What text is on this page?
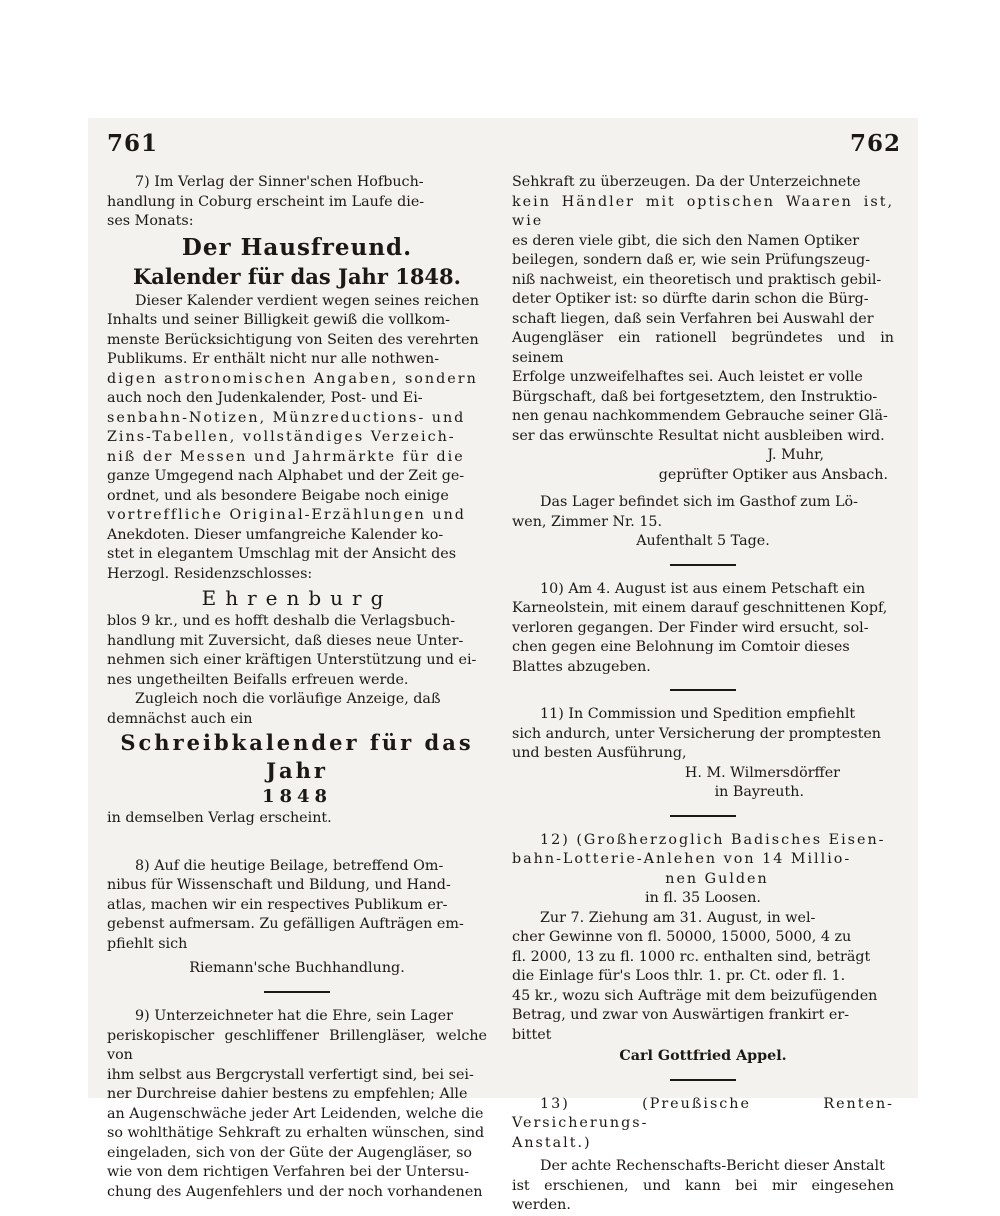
761	762

7) Im Verlag der Sinner'schen Hofbuch-
handlung in Coburg erscheint im Laufe die-
ses Monats:

Der Hausfreund.
Kalender für das Jahr 1848.

Dieser Kalender verdient wegen seines reichen
Inhalts und seiner Billigkeit gewiß die vollkom-
menste Berücksichtigung von Seiten des verehrten
Publikums. Er enthält nicht nur alle nothwen-
digen astronomischen Angaben, sondern
auch noch den Judenkalender, Post- und Ei-
senbahn-Notizen, Münzreductions- und
Zins-Tabellen, vollständiges Verzeich-
niß der Messen und Jahrmärkte für die
ganze Umgegend nach Alphabet und der Zeit ge-
ordnet, und als besondere Beigabe noch einige
vortreffliche Original-Erzählungen und
Anekdoten. Dieser umfangreiche Kalender ko-
stet in elegantem Umschlag mit der Ansicht des
Herzogl. Residenzschlosses:

Ehrenburg

blos 9 kr., und es hofft deshalb die Verlagsbuch-
handlung mit Zuversicht, daß dieses neue Unter-
nehmen sich einer kräftigen Unterstützung und ei-
nes ungetheilten Beifalls erfreuen werde.

Zugleich noch die vorläufige Anzeige, daß
demnächst auch ein

Schreibkalender für das Jahr
1848

in demselben Verlag erscheint.

8) Auf die heutige Beilage, betreffend Om-
nibus für Wissenschaft und Bildung, und Hand-
atlas, machen wir ein respectives Publikum er-
gebenst aufmersam. Zu gefälligen Aufträgen em-
pfiehlt sich

Riemann'sche Buchhandlung.

9) Unterzeichneter hat die Ehre, sein Lager
periskopischer geschliffener Brillengläser, welche von
ihm selbst aus Bergcrystall verfertigt sind, bei sei-
ner Durchreise dahier bestens zu empfehlen; Alle
an Augenschwäche jeder Art Leidenden, welche die
so wohlthätige Sehkraft zu erhalten wünschen, sind
eingeladen, sich von der Güte der Augengläser, so
wie von dem richtigen Verfahren bei der Untersu-
chung des Augenfehlers und der noch vorhandenen

Sehkraft zu überzeugen. Da der Unterzeichnete
kein Händler mit optischen Waaren ist, wie
es deren viele gibt, die sich den Namen Optiker
beilegen, sondern daß er, wie sein Prüfungszeug-
niß nachweist, ein theoretisch und praktisch gebil-
deter Optiker ist: so dürfte darin schon die Bürg-
schaft liegen, daß sein Verfahren bei Auswahl der
Augengläser ein rationell begründetes und in seinem
Erfolge unzweifelhaftes sei. Auch leistet er volle
Bürgschaft, daß bei fortgesetztem, den Instruktio-
nen genau nachkommendem Gebrauche seiner Glä-
ser das erwünschte Resultat nicht ausbleiben wird.

J. Muhr,
geprüfter Optiker aus Ansbach.

Das Lager befindet sich im Gasthof zum Lö-
wen, Zimmer Nr. 15.

Aufenthalt 5 Tage.

10) Am 4. August ist aus einem Petschaft ein
Karneolstein, mit einem darauf geschnittenen Kopf,
verloren gegangen. Der Finder wird ersucht, sol-
chen gegen eine Belohnung im Comtoir dieses
Blattes abzugeben.

11) In Commission und Spedition empfiehlt
sich andurch, unter Versicherung der promptesten
und besten Ausführung,

H. M. Wilmersdörffer
in Bayreuth.

12) (Großherzoglich Badisches Eisen-
bahn-Lotterie-Anlehen von 14 Millio-

nen Gulden

in fl. 35 Loosen.

Zur 7. Ziehung am 31. August, in wel-
cher Gewinne von fl. 50000, 15000, 5000, 4 zu
fl. 2000, 13 zu fl. 1000 rc. enthalten sind, beträgt
die Einlage für's Loos thlr. 1. pr. Ct. oder fl. 1.
45 kr., wozu sich Aufträge mit dem beizufügenden
Betrag, und zwar von Auswärtigen frankirt er-
bittet

Carl Gottfried Appel.

13) (Preußische Renten-Versicherungs-
Anstalt.)

Der achte Rechenschafts-Bericht dieser Anstalt
ist erschienen, und kann bei mir eingesehen werden.
